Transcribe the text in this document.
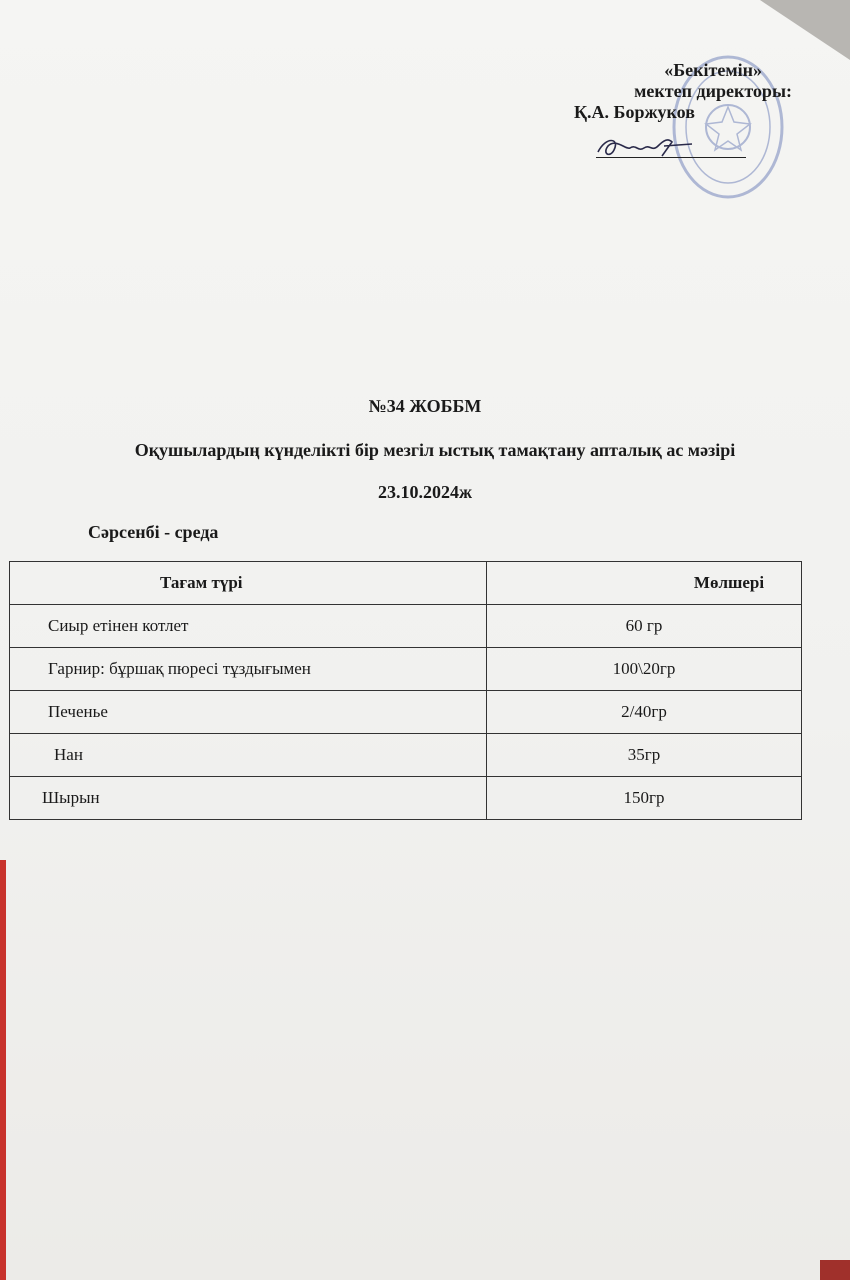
«Бекітемін»
мектеп директоры:
Қ.А. Боржуков
№34 ЖОББМ
Оқушылардың күнделікті бір мезгіл ыстық тамақтану апталық ас мәзірі
23.10.2024ж
Сәрсенбі - среда
Тағам түрі	Мөлшері
Сиыр етінен котлет	60 гр
Гарнир: бұршақ пюресі тұздығымен	100\20гр
Печенье	2/40гр
Нан	35гр
Шырын	150гр
